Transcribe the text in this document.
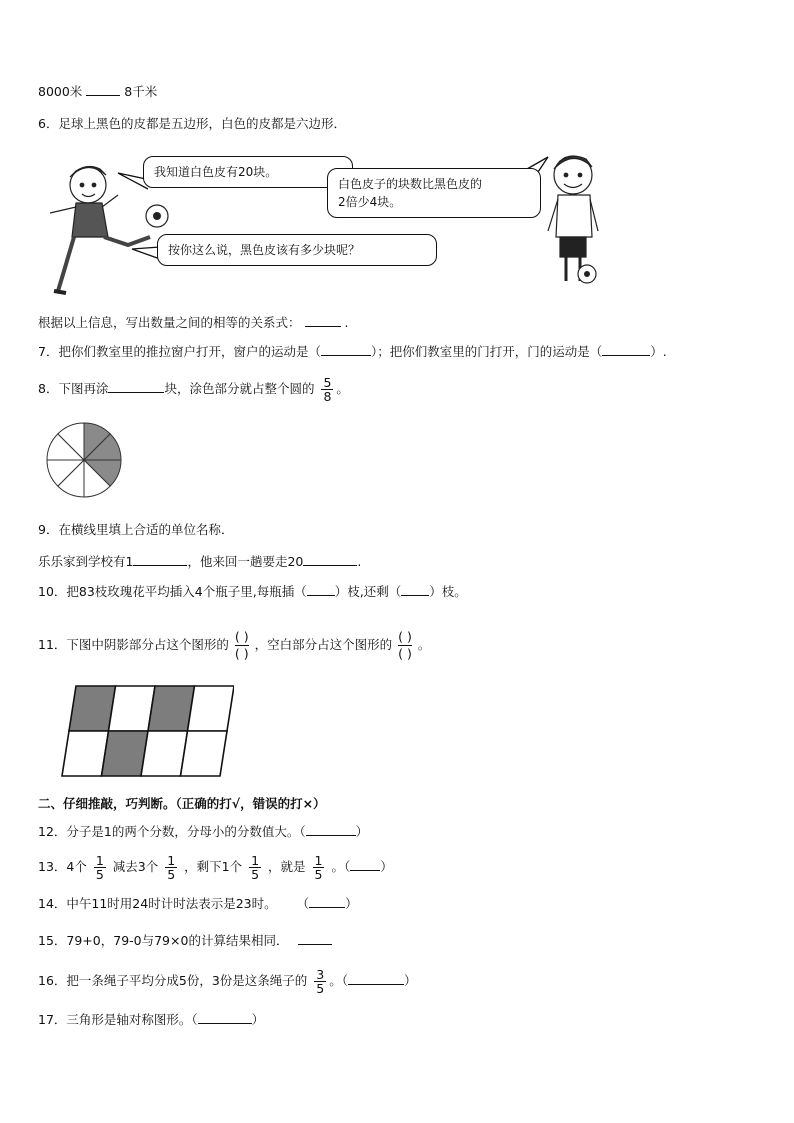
8000米	8千米
6．足球上黑色的皮都是五边形，白色的皮都是六边形．
我知道白色皮有20块。
白色皮子的块数比黑色皮的
2倍少4块。
按你这么说，黑色皮该有多少块呢？
根据以上信息，写出数量之间的相等的关系式：	.
7．把你们教室里的推拉窗户打开，窗户的运动是（	）；把你们教室里的门打开，门的运动是（	）.
8．下图再涂	块，涂色部分就占整个圆的 $\frac{5}{8}$ 。
9．在横线里填上合适的单位名称．
乐乐家到学校有1	，他来回一趟要走20	.
10．把83枝玫瑰花平均插入4个瓶子里,每瓶插（ ）枝,还剩（ ）枝。
11．下图中阴影部分占这个图形的
( )
( )
，空白部分占这个图形的
( )
( )
。
二、仔细推敲，巧判断。（正确的打√，错误的打×）
12．分子是1的两个分数，分母小的分数值大。（	）
13．4个 $\frac{1}{5}$ 减去3个 $\frac{1}{5}$ ，剩下1个 $\frac{1}{5}$ ，就是 $\frac{1}{5}$ 。（ ）
14．中午11时用24时计时法表示是23时。 （	）
15．79+0，79-0与79×0的计算结果相同．
16．把一条绳子平均分成5份，3份是这条绳子的 $\frac{3}{5}$ 。（	）
17．三角形是轴对称图形。（	）
